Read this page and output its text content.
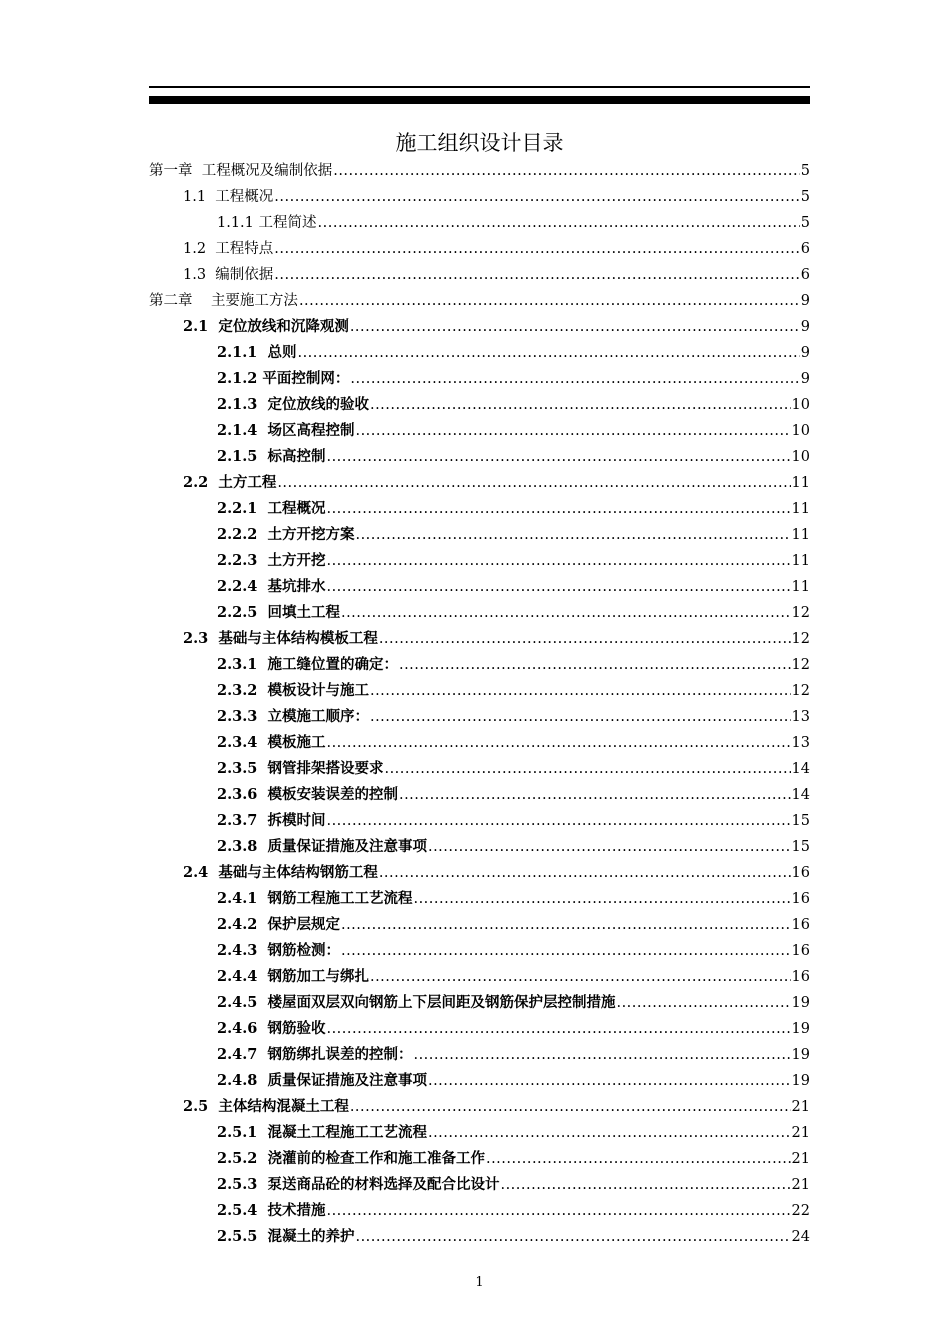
施工组织设计目录
第一章 工程概况及编制依据 .....	5
1.1 工程概况 .....	5
1.1.1 工程简述 .....	5
1.2 工程特点 .....	6
1.3 编制依据 .....	6
第二章 主要施工方法 .....	9
2.1 定位放线和沉降观测 .....	9
2.1.1 总则 .....	9
2.1.2 平面控制网： .....	9
2.1.3 定位放线的验收 .....	10
2.1.4 场区高程控制 .....	10
2.1.5 标高控制 .....	10
2.2 土方工程 .....	11
2.2.1 工程概况 .....	11
2.2.2 土方开挖方案 .....	11
2.2.3 土方开挖 .....	11
2.2.4 基坑排水 .....	11
2.2.5 回填土工程 .....	12
2.3 基础与主体结构模板工程 .....	12
2.3.1 施工缝位置的确定： .....	12
2.3.2 模板设计与施工 .....	12
2.3.3 立模施工顺序： .....	13
2.3.4 模板施工 .....	13
2.3.5 钢管排架搭设要求 .....	14
2.3.6 模板安装误差的控制 .....	14
2.3.7 拆模时间 .....	15
2.3.8 质量保证措施及注意事项 .....	15
2.4 基础与主体结构钢筋工程 .....	16
2.4.1 钢筋工程施工工艺流程 .....	16
2.4.2 保护层规定 .....	16
2.4.3 钢筋检测： .....	16
2.4.4 钢筋加工与绑扎 .....	16
2.4.5 楼屋面双层双向钢筋上下层间距及钢筋保护层控制措施 .....	19
2.4.6 钢筋验收 .....	19
2.4.7 钢筋绑扎误差的控制： .....	19
2.4.8 质量保证措施及注意事项 .....	19
2.5 主体结构混凝土工程 .....	21
2.5.1 混凝土工程施工工艺流程 .....	21
2.5.2 浇灌前的检查工作和施工准备工作 .....	21
2.5.3 泵送商品砼的材料选择及配合比设计 .....	21
2.5.4 技术措施 .....	22
2.5.5 混凝土的养护 .....	24
1
